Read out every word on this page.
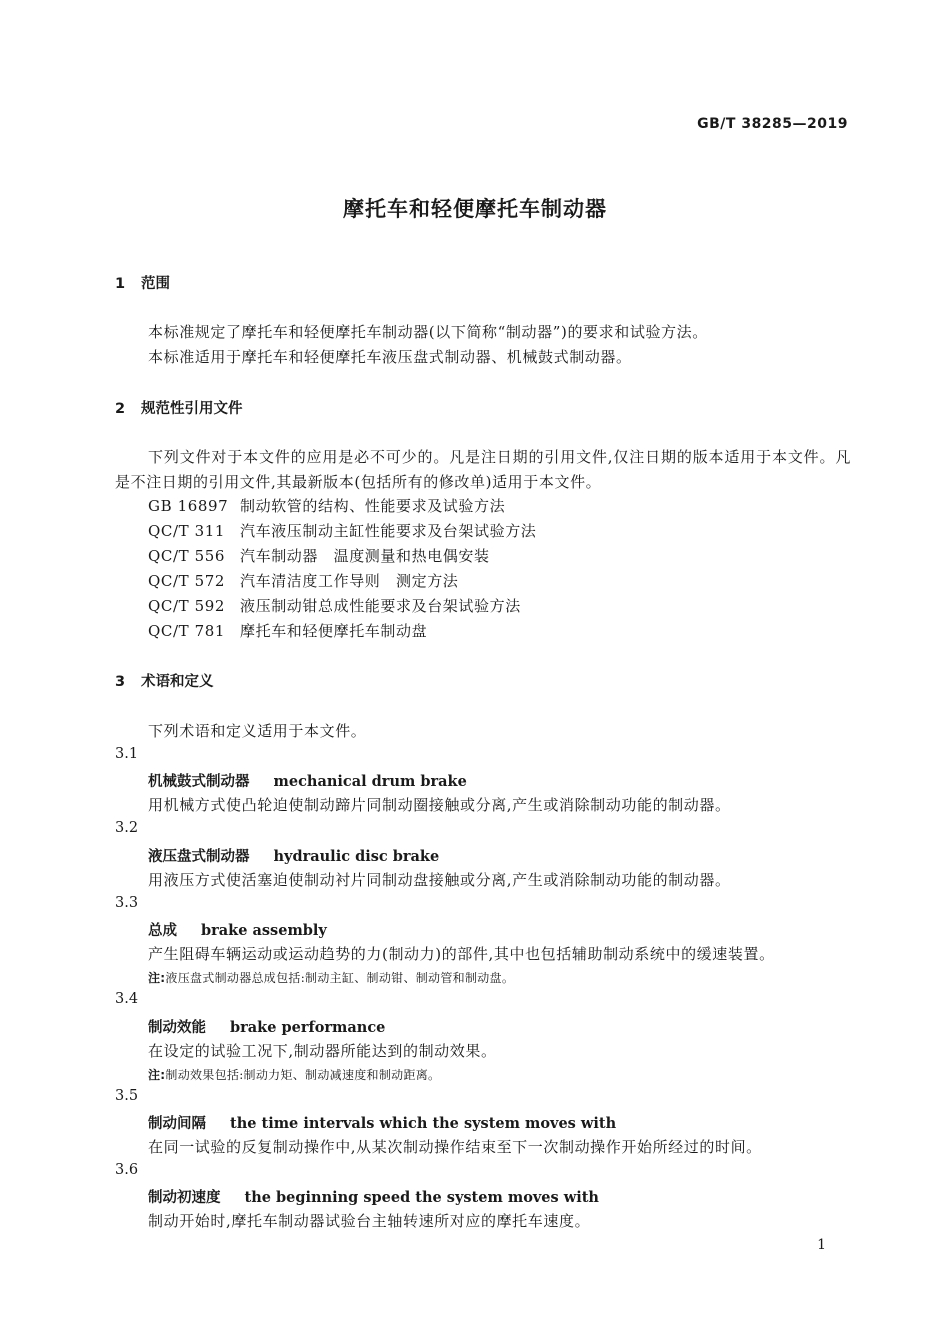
GB/T 38285—2019
摩托车和轻便摩托车制动器
1 范围
本标准规定了摩托车和轻便摩托车制动器(以下简称“制动器”)的要求和试验方法。
本标准适用于摩托车和轻便摩托车液压盘式制动器、机械鼓式制动器。
2 规范性引用文件
下列文件对于本文件的应用是必不可少的。凡是注日期的引用文件,仅注日期的版本适用于本文件。凡是不注日期的引用文件,其最新版本(包括所有的修改单)适用于本文件。
GB 16897 制动软管的结构、性能要求及试验方法
QC/T 311 汽车液压制动主缸性能要求及台架试验方法
QC/T 556 汽车制动器　温度测量和热电偶安装
QC/T 572 汽车清洁度工作导则　测定方法
QC/T 592 液压制动钳总成性能要求及台架试验方法
QC/T 781 摩托车和轻便摩托车制动盘
3 术语和定义
下列术语和定义适用于本文件。
3.1
机械鼓式制动器 mechanical drum brake
用机械方式使凸轮迫使制动蹄片同制动圈接触或分离,产生或消除制动功能的制动器。
3.2
液压盘式制动器 hydraulic disc brake
用液压方式使活塞迫使制动衬片同制动盘接触或分离,产生或消除制动功能的制动器。
3.3
总成 brake assembly
产生阻碍车辆运动或运动趋势的力(制动力)的部件,其中也包括辅助制动系统中的缓速装置。
注:液压盘式制动器总成包括:制动主缸、制动钳、制动管和制动盘。
3.4
制动效能 brake performance
在设定的试验工况下,制动器所能达到的制动效果。
注:制动效果包括:制动力矩、制动减速度和制动距离。
3.5
制动间隔 the time intervals which the system moves with
在同一试验的反复制动操作中,从某次制动操作结束至下一次制动操作开始所经过的时间。
3.6
制动初速度 the beginning speed the system moves with
制动开始时,摩托车制动器试验台主轴转速所对应的摩托车速度。
1
